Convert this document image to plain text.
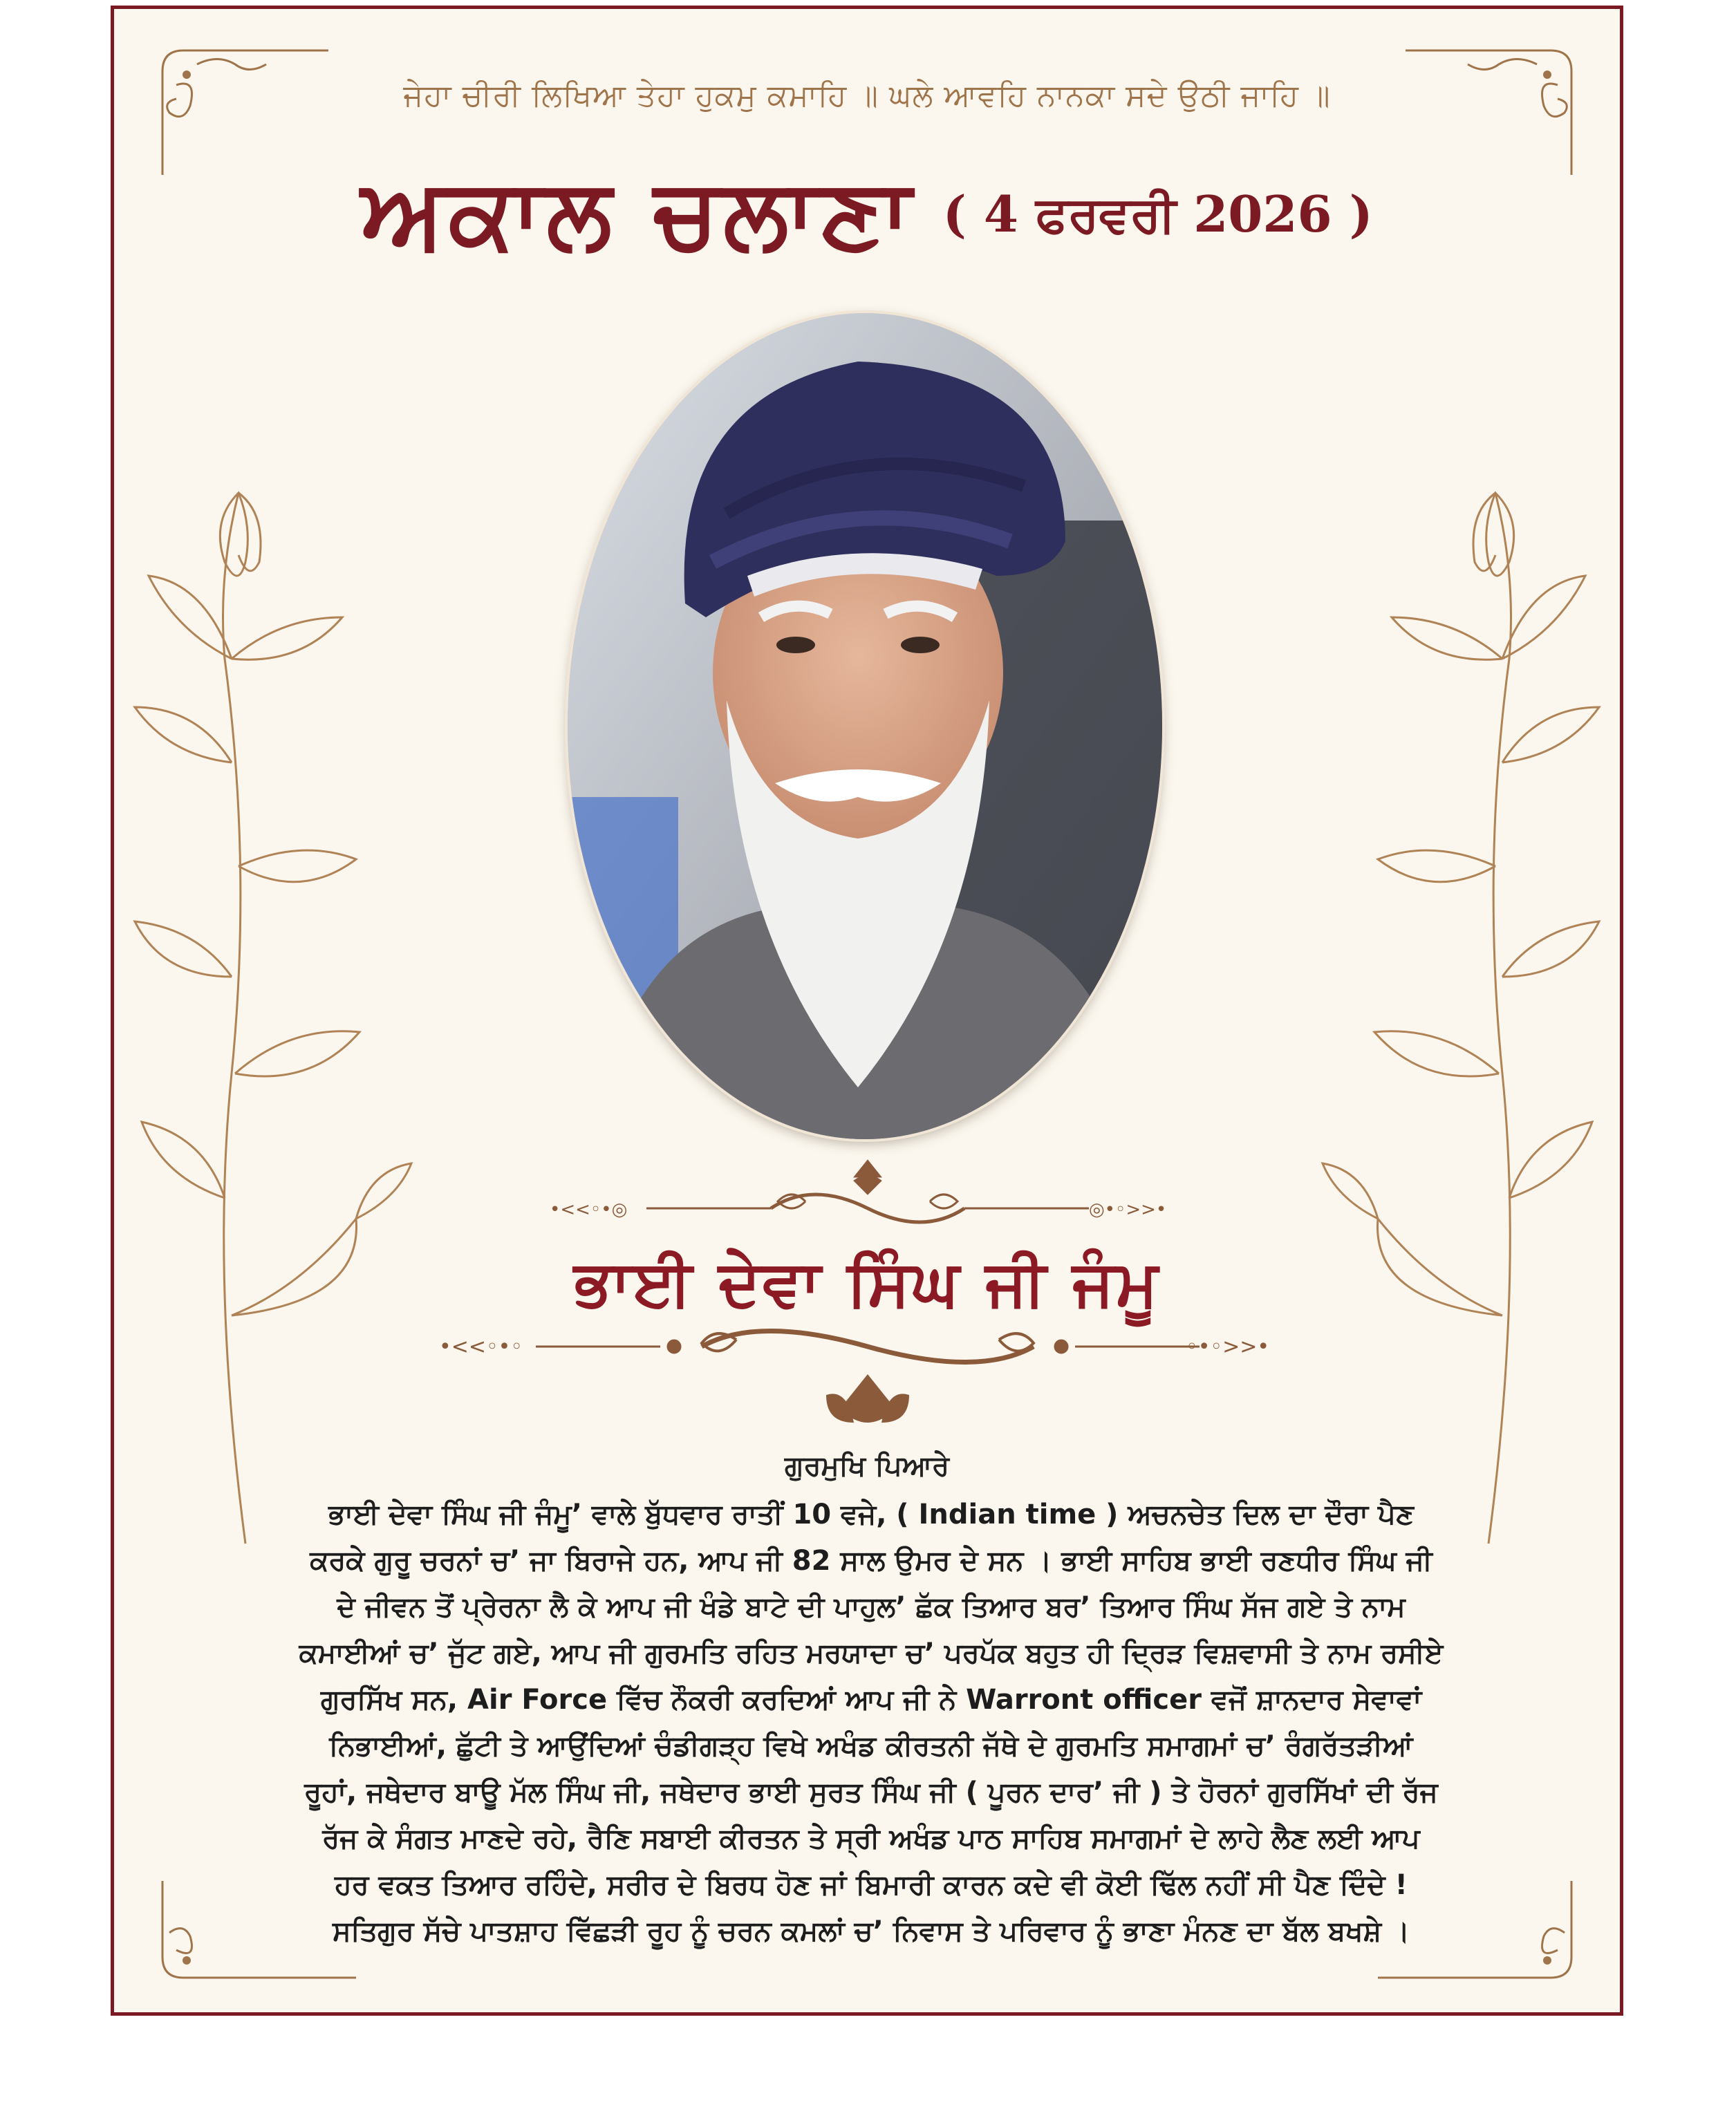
ਜੇਹਾ ਚੀਰੀ ਲਿਖਿਆ ਤੇਹਾ ਹੁਕਮੁ ਕਮਾਹਿ ॥ ਘਲੇ ਆਵਹਿ ਨਾਨਕਾ ਸਦੇ ਉਠੀ ਜਾਹਿ ॥
ਅਕਾਲ ਚਲਾਣਾ ( 4 ਫਰਵਰੀ 2026 )
•<<◦•◎	◎•◦>>•
ਭਾਈ ਦੇਵਾ ਸਿੰਘ ਜੀ ਜੰਮੂ
•<<◦•◦	◦•◦>>•
ਗੁਰਮੁਖਿ ਪਿਆਰੇ
ਭਾਈ ਦੇਵਾ ਸਿੰਘ ਜੀ ਜੰਮੂ’ ਵਾਲੇ ਬੁੱਧਵਾਰ ਰਾਤੀਂ 10 ਵਜੇ, ( Indian time ) ਅਚਨਚੇਤ ਦਿਲ ਦਾ ਦੌਰਾ ਪੈਣ
ਕਰਕੇ ਗੁਰੂ ਚਰਨਾਂ ਚ’ ਜਾ ਬਿਰਾਜੇ ਹਨ, ਆਪ ਜੀ 82 ਸਾਲ ਉਮਰ ਦੇ ਸਨ । ਭਾਈ ਸਾਹਿਬ ਭਾਈ ਰਣਧੀਰ ਸਿੰਘ ਜੀ
ਦੇ ਜੀਵਨ ਤੋਂ ਪ੍ਰੇਰਨਾ ਲੈ ਕੇ ਆਪ ਜੀ ਖੰਡੇ ਬਾਟੇ ਦੀ ਪਾਹੁਲ’ ਛੱਕ ਤਿਆਰ ਬਰ’ ਤਿਆਰ ਸਿੰਘ ਸੱਜ ਗਏ ਤੇ ਨਾਮ
ਕਮਾਈਆਂ ਚ’ ਜੁੱਟ ਗਏ, ਆਪ ਜੀ ਗੁਰਮਤਿ ਰਹਿਤ ਮਰਯਾਦਾ ਚ’ ਪਰਪੱਕ ਬਹੁਤ ਹੀ ਦ੍ਰਿੜ ਵਿਸ਼ਵਾਸੀ ਤੇ ਨਾਮ ਰਸੀਏ
ਗੁਰਸਿੱਖ ਸਨ, Air Force ਵਿੱਚ ਨੌਕਰੀ ਕਰਦਿਆਂ ਆਪ ਜੀ ਨੇ Warront officer ਵਜੋਂ ਸ਼ਾਨਦਾਰ ਸੇਵਾਵਾਂ
ਨਿਭਾਈਆਂ, ਛੁੱਟੀ ਤੇ ਆਉਂਦਿਆਂ ਚੰਡੀਗੜ੍ਹ ਵਿਖੇ ਅਖੰਡ ਕੀਰਤਨੀ ਜੱਥੇ ਦੇ ਗੁਰਮਤਿ ਸਮਾਗਮਾਂ ਚ’ ਰੰਗਰੱਤੜੀਆਂ
ਰੂਹਾਂ, ਜਥੇਦਾਰ ਬਾਊ ਮੱਲ ਸਿੰਘ ਜੀ, ਜਥੇਦਾਰ ਭਾਈ ਸੁਰਤ ਸਿੰਘ ਜੀ ( ਪੂਰਨ ਦਾਰ’ ਜੀ ) ਤੇ ਹੋਰਨਾਂ ਗੁਰਸਿੱਖਾਂ ਦੀ ਰੱਜ
ਰੱਜ ਕੇ ਸੰਗਤ ਮਾਣਦੇ ਰਹੇ, ਰੈਣਿ ਸਬਾਈ ਕੀਰਤਨ ਤੇ ਸ੍ਰੀ ਅਖੰਡ ਪਾਠ ਸਾਹਿਬ ਸਮਾਗਮਾਂ ਦੇ ਲਾਹੇ ਲੈਣ ਲਈ ਆਪ
ਹਰ ਵਕਤ ਤਿਆਰ ਰਹਿੰਦੇ, ਸਰੀਰ ਦੇ ਬਿਰਧ ਹੋਣ ਜਾਂ ਬਿਮਾਰੀ ਕਾਰਨ ਕਦੇ ਵੀ ਕੋਈ ਢਿੱਲ ਨਹੀਂ ਸੀ ਪੈਣ ਦਿੰਦੇ !
ਸਤਿਗੁਰ ਸੱਚੇ ਪਾਤਸ਼ਾਹ ਵਿੱਛੜੀ ਰੂਹ ਨੂੰ ਚਰਨ ਕਮਲਾਂ ਚ’ ਨਿਵਾਸ ਤੇ ਪਰਿਵਾਰ ਨੂੰ ਭਾਣਾ ਮੰਨਣ ਦਾ ਬੱਲ ਬਖਸ਼ੇ ।
